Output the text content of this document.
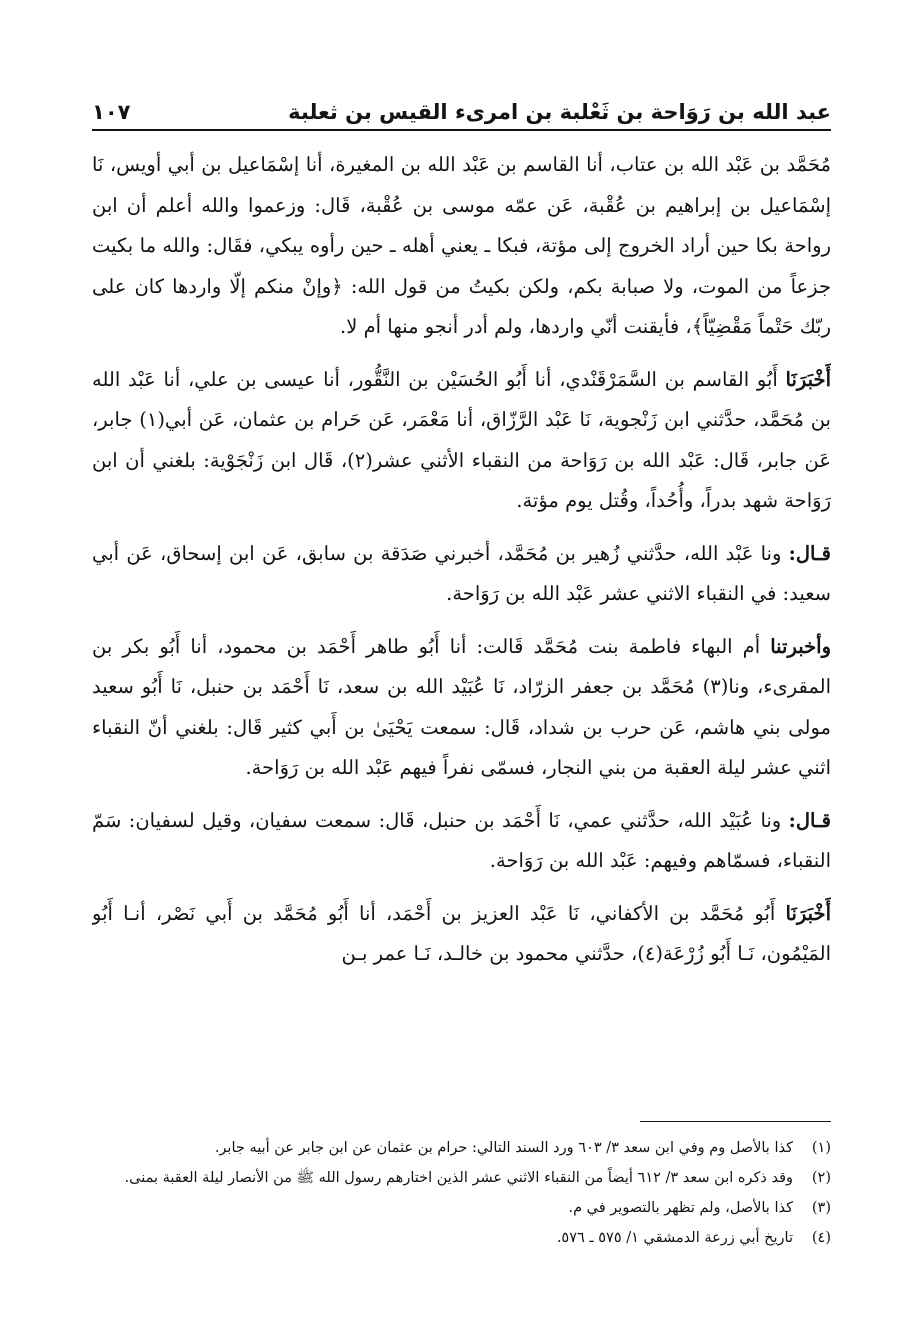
عبد الله بن رَوَاحة بن ثَعْلبة بن امرىء القيس بن ثعلبة
١٠٧

مُحَمَّد بن عَبْد الله بن عتاب، أنا القاسم بن عَبْد الله بن المغيرة، أنا إسْمَاعيل بن أبي أويس، نَا إسْمَاعيل بن إبراهيم بن عُقْبة، عَن عمّه موسى بن عُقْبة، قَال: وزعموا والله أعلم أن ابن رواحة بكا حين أراد الخروج إلى مؤتة، فبكا ـ يعني أهله ـ حين رأوه يبكي، فقَال: والله ما بكيت جزعاً من الموت، ولا صبابة بكم، ولكن بكيتُ من قول الله: ﴿وإنْ منكم إلّا واردها كان على ربّك حَتْماً مَقْضِيّاً﴾، فأيقنت أنّي واردها، ولم أدر أنجو منها أم لا.

أَخْبَرَنَا أَبُو القاسم بن السَّمَرْقَنْدي، أنا أَبُو الحُسَيْن بن النَّقُّور، أنا عيسى بن علي، أنا عَبْد الله بن مُحَمَّد، حدَّثني ابن زَنْجوية، نَا عَبْد الرَّزّاق، أنا مَعْمَر، عَن حَرام بن عثمان، عَن أبي(١) جابر، عَن جابر، قَال: عَبْد الله بن رَوَاحة من النقباء الأثني عشر(٢)، قَال ابن زَنْجَوْية: بلغني أن ابن رَوَاحة شهد بدراً، وأُحُداً، وقُتل يوم مؤتة.

قـال: ونا عَبْد الله، حدَّثني زُهير بن مُحَمَّد، أخبرني صَدَقة بن سابق، عَن ابن إسحاق، عَن أبي سعيد: في النقباء الاثني عشر عَبْد الله بن رَوَاحة.

وأخبرتنا أم البهاء فاطمة بنت مُحَمَّد قَالت: أنا أَبُو طاهر أَحْمَد بن محمود، أنا أَبُو بكر بن المقرىء، ونا(٣) مُحَمَّد بن جعفر الزرّاد، نَا عُبَيْد الله بن سعد، نَا أَحْمَد بن حنبل، نَا أَبُو سعيد مولى بني هاشم، عَن حرب بن شداد، قَال: سمعت يَحْيَىٰ بن أَبي كثير قَال: بلغني أنّ النقباء اثني عشر ليلة العقبة من بني النجار، فسمّى نفراً فيهم عَبْد الله بن رَوَاحة.

قـال: ونا عُبَيْد الله، حدَّثني عمي، نَا أَحْمَد بن حنبل، قَال: سمعت سفيان، وقيل لسفيان: سَمّ النقباء، فسمّاهم وفيهم: عَبْد الله بن رَوَاحة.

أَخْبَرَنَا أَبُو مُحَمَّد بن الأكفاني، نَا عَبْد العزيز بن أَحْمَد، أنا أَبُو مُحَمَّد بن أَبي نَصْر، أنـا أَبُو المَيْمُون، نَـا أَبُو زُرْعَة(٤)، حدَّثني محمود بن خالـد، نَـا عمر بـن

(١)
كذا بالأصل وم وفي ابن سعد ٣/ ٦٠٣ ورد السند التالي: حرام بن عثمان عن ابن جابر عن أبيه جابر.
(٢)
وقد ذكره ابن سعد ٣/ ٦١٢ أيضاً من النقباء الاثني عشر الذين اختارهم رسول الله ﷺ من الأنصار ليلة العقبة بمنى.
(٣)
كذا بالأصل، ولم تظهر بالتصوير في م.
(٤)
تاريخ أبي زرعة الدمشقي ١/ ٥٧٥ ـ ٥٧٦.
